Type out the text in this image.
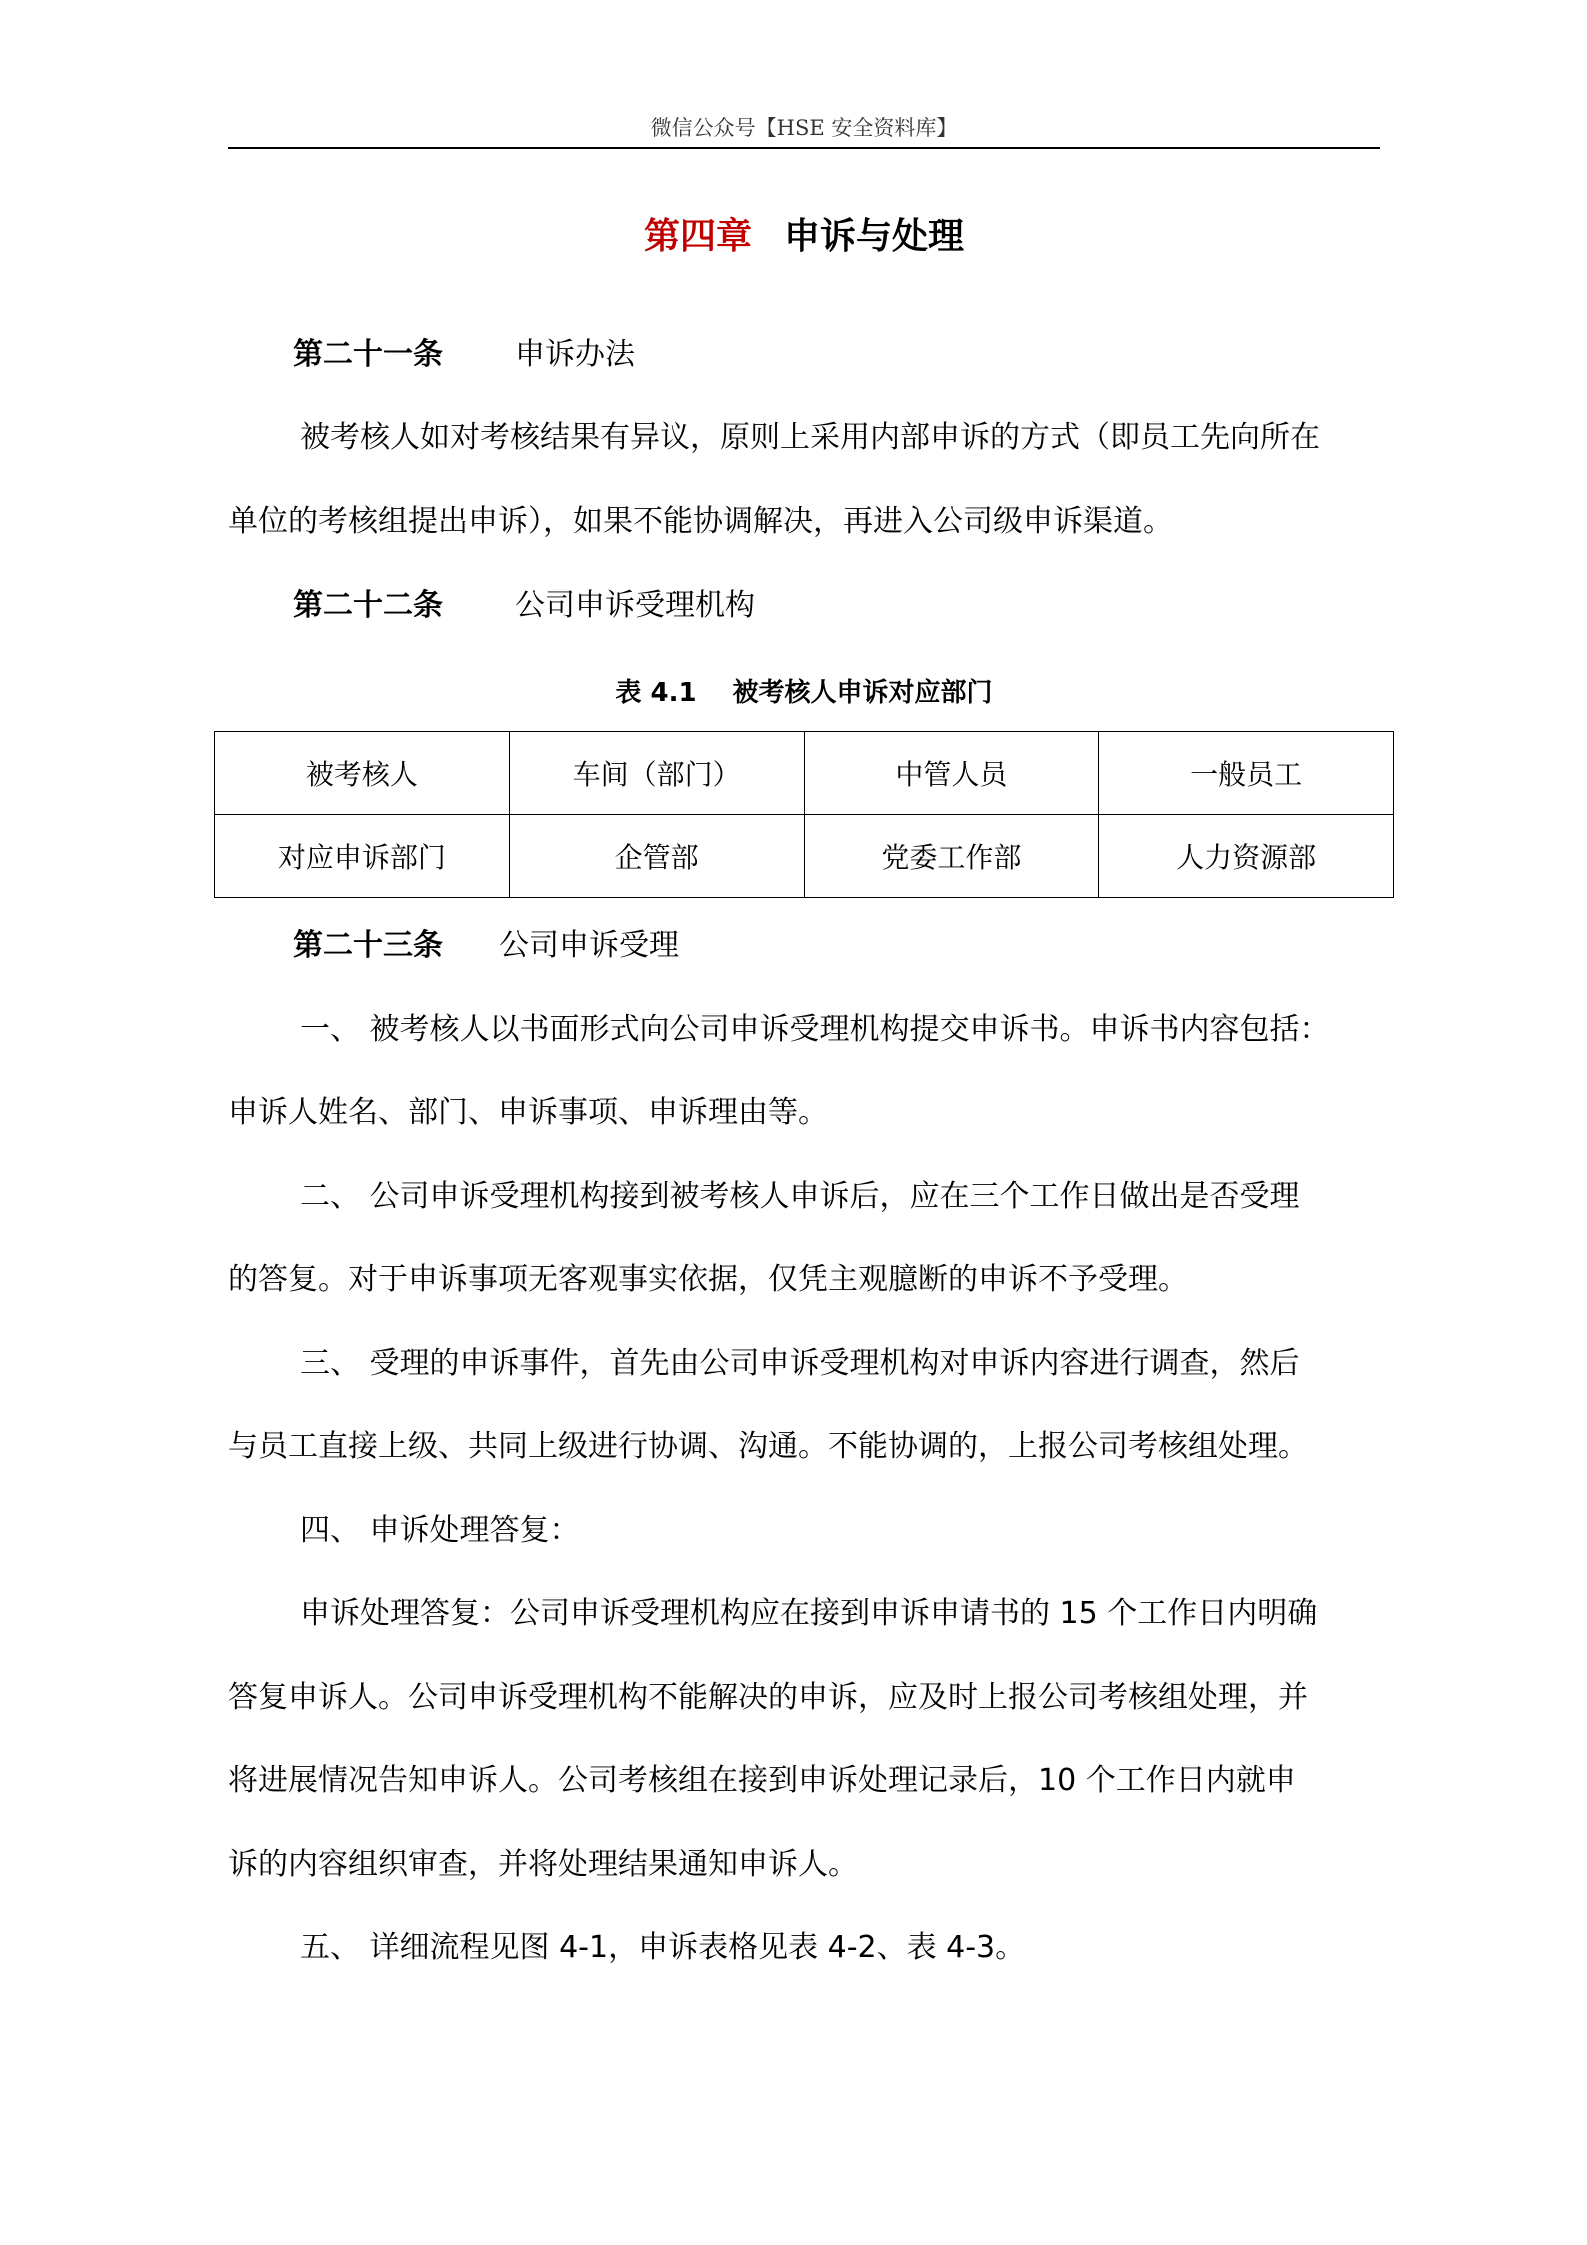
微信公众号【HSE 安全资料库】
第四章 申诉与处理
第二十一条 申诉办法
被考核人如对考核结果有异议，原则上采用内部申诉的方式（即员工先向所在
单位的考核组提出申诉），如果不能协调解决，再进入公司级申诉渠道。
第二十二条 公司申诉受理机构
表 4.1 被考核人申诉对应部门
被考核人	车间（部门）	中管人员	一般员工
对应申诉部门	企管部	党委工作部	人力资源部
第二十三条 公司申诉受理
一、 被考核人以书面形式向公司申诉受理机构提交申诉书。申诉书内容包括：
申诉人姓名、部门、申诉事项、申诉理由等。
二、 公司申诉受理机构接到被考核人申诉后，应在三个工作日做出是否受理
的答复。对于申诉事项无客观事实依据，仅凭主观臆断的申诉不予受理。
三、 受理的申诉事件，首先由公司申诉受理机构对申诉内容进行调查，然后
与员工直接上级、共同上级进行协调、沟通。不能协调的，上报公司考核组处理。
四、 申诉处理答复：
申诉处理答复：公司申诉受理机构应在接到申诉申请书的 15 个工作日内明确
答复申诉人。公司申诉受理机构不能解决的申诉，应及时上报公司考核组处理，并
将进展情况告知申诉人。公司考核组在接到申诉处理记录后，10 个工作日内就申
诉的内容组织审查，并将处理结果通知申诉人。
五、 详细流程见图 4-1，申诉表格见表 4-2、表 4-3。
